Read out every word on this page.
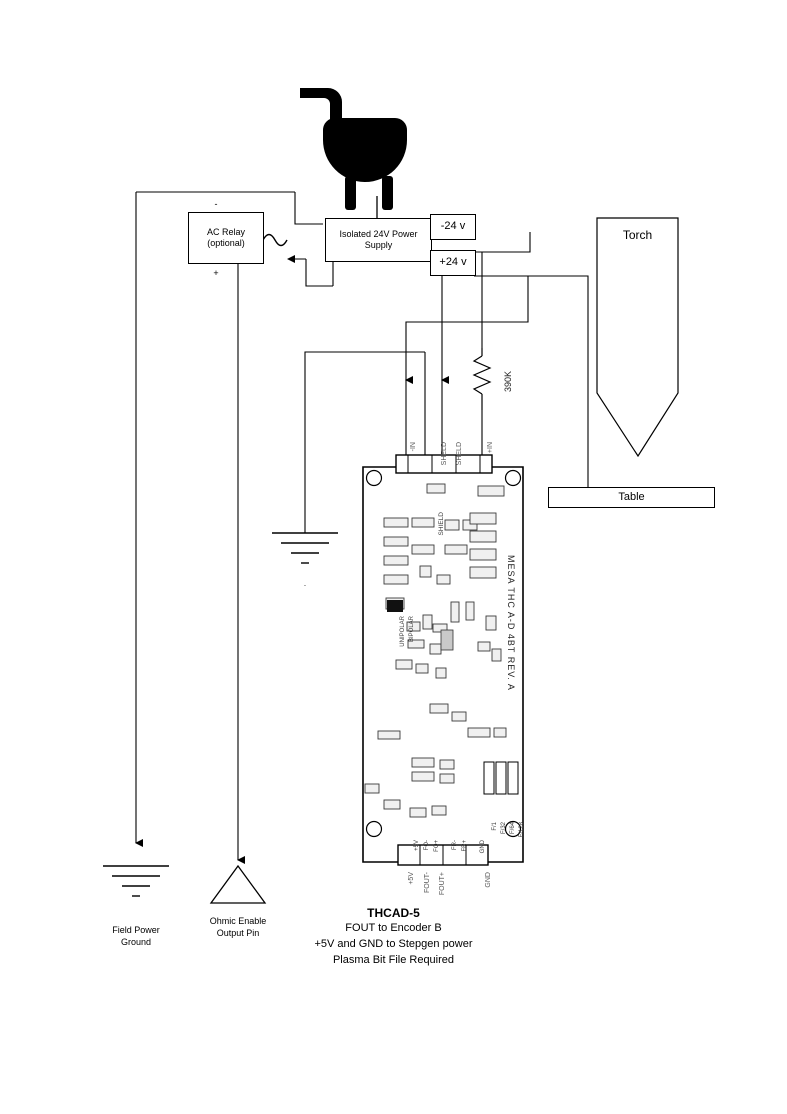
.
AC Relay (optional)
-
+
Isolated 24V Power Supply
-24 v
+24 v
Torch
Table
390K
-IN	SHELD SHELD	+IN
+5V FOUT- FOUT+	GND
MESA THC A-D 4BT REV. A
SHIELD
UNIPOLAR BIPOLAR
+5V FO- FO+ FR- FR+ GND
F/1 F/32 F/64 F/128
Field Power
Ground
Ohmic Enable
Output Pin
THCAD-5
FOUT to Encoder B
+5V and GND to Stepgen power
Plasma Bit File Required
